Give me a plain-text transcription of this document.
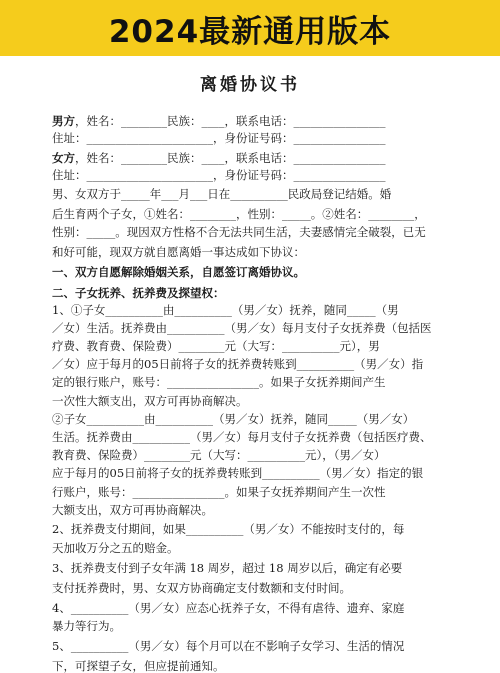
2024最新通用版本
离婚协议书
男方，姓名：________民族：____，联系电话：________________
住址：______________________，身份证号码：________________
女方，姓名：________民族：____，联系电话：________________
住址：______________________，身份证号码：________________
男、女双方于_____年___月___日在__________民政局登记结婚。婚
后生育两个子女，①姓名：________，性别：_____。②姓名：________，
性别：_____。现因双方性格不合无法共同生活，夫妻感情完全破裂，已无
和好可能，现双方就自愿离婚一事达成如下协议：
一、双方自愿解除婚姻关系，自愿签订离婚协议。
二、子女抚养、抚养费及探望权：
1、①子女__________由__________（男／女）抚养，随同_____（男
／女）生活。抚养费由__________（男／女）每月支付子女抚养费（包括医
疗费、教育费、保险费）________元（大写：__________元），男
／女）应于每月的05日前将子女的抚养费转账到__________（男／女）指
定的银行账户，账号：________________。如果子女抚养期间产生
一次性大额支出，双方可再协商解决。
②子女__________由__________（男／女）抚养，随同_____（男／女）
生活。抚养费由__________（男／女）每月支付子女抚养费（包括医疗费、
教育费、保险费）________元（大写：__________元），（男／女）
应于每月的05日前将子女的抚养费转账到__________（男／女）指定的银
行账户，账号：________________。如果子女抚养期间产生一次性
大额支出，双方可再协商解决。
2、抚养费支付期间，如果__________（男／女）不能按时支付的，每
天加收万分之五的赔金。
3、抚养费支付到子女年满 18 周岁，超过 18 周岁以后，确定有必要
支付抚养费时，男、女双方协商确定支付数额和支付时间。
4、__________（男／女）应态心抚养子女，不得有虐待、遗弃、家庭
暴力等行为。
5、__________（男／女）每个月可以在不影响子女学习、生活的情况
下，可探望子女，但应提前通知。
